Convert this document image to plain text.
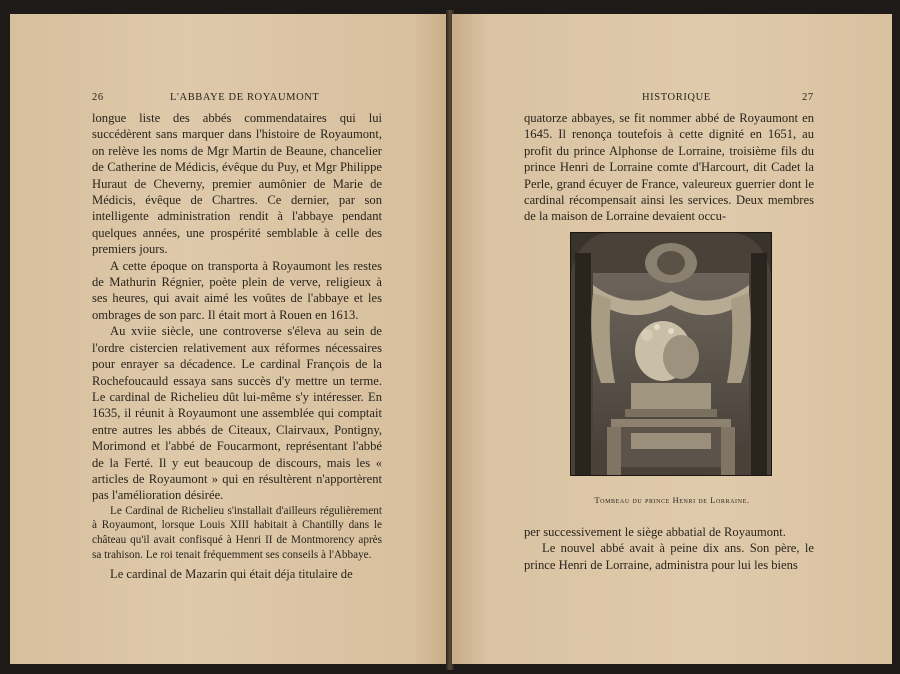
26	L'ABBAYE DE ROYAUMONT

longue liste des abbés commendataires qui lui succédèrent sans marquer dans l'histoire de Royaumont, on relève les noms de Mgr Martin de Beaune, chancelier de Catherine de Médicis, évêque du Puy, et Mgr Philippe Huraut de Cheverny, premier aumônier de Marie de Médicis, évêque de Chartres. Ce dernier, par son intelligente administration rendit à l'abbaye pendant quelques années, une prospérité semblable à celle des premiers jours.

A cette époque on transporta à Royaumont les restes de Mathurin Régnier, poète plein de verve, religieux à ses heures, qui avait aimé les voûtes de l'abbaye et les ombrages de son parc. Il était mort à Rouen en 1613.

Au xviie siècle, une controverse s'éleva au sein de l'ordre cistercien relativement aux réformes nécessaires pour enrayer sa décadence. Le cardinal François de la Rochefoucauld essaya sans succès d'y mettre un terme. Le cardinal de Richelieu dût lui-même s'y intéresser. En 1635, il réunit à Royaumont une assemblée qui comptait entre autres les abbés de Citeaux, Clairvaux, Pontigny, Morimond et l'abbé de Foucarmont, représentant l'abbé de la Ferté. Il y eut beaucoup de discours, mais les « articles de Royaumont » qui en résultèrent n'apportèrent pas l'amélioration désirée.

Le Cardinal de Richelieu s'installait d'ailleurs régulièrement à Royaumont, lorsque Louis XIII habitait à Chantilly dans le château qu'il avait confisqué à Henri II de Montmorency après sa trahison. Le roi tenait fréquemment ses conseils à l'Abbaye.

Le cardinal de Mazarin qui était déja titulaire de

HISTORIQUE	27

quatorze abbayes, se fit nommer abbé de Royaumont en 1645. Il renonça toutefois à cette dignité en 1651, au profit du prince Alphonse de Lorraine, troisième fils du prince Henri de Lorraine comte d'Harcourt, dit Cadet la Perle, grand écuyer de France, valeureux guerrier dont le cardinal récompensait ainsi les services. Deux membres de la maison de Lorraine devaient occu-

Tombeau du prince Henri de Lorraine.

per successivement le siège abbatial de Royaumont.

Le nouvel abbé avait à peine dix ans. Son père, le prince Henri de Lorraine, administra pour lui les biens
